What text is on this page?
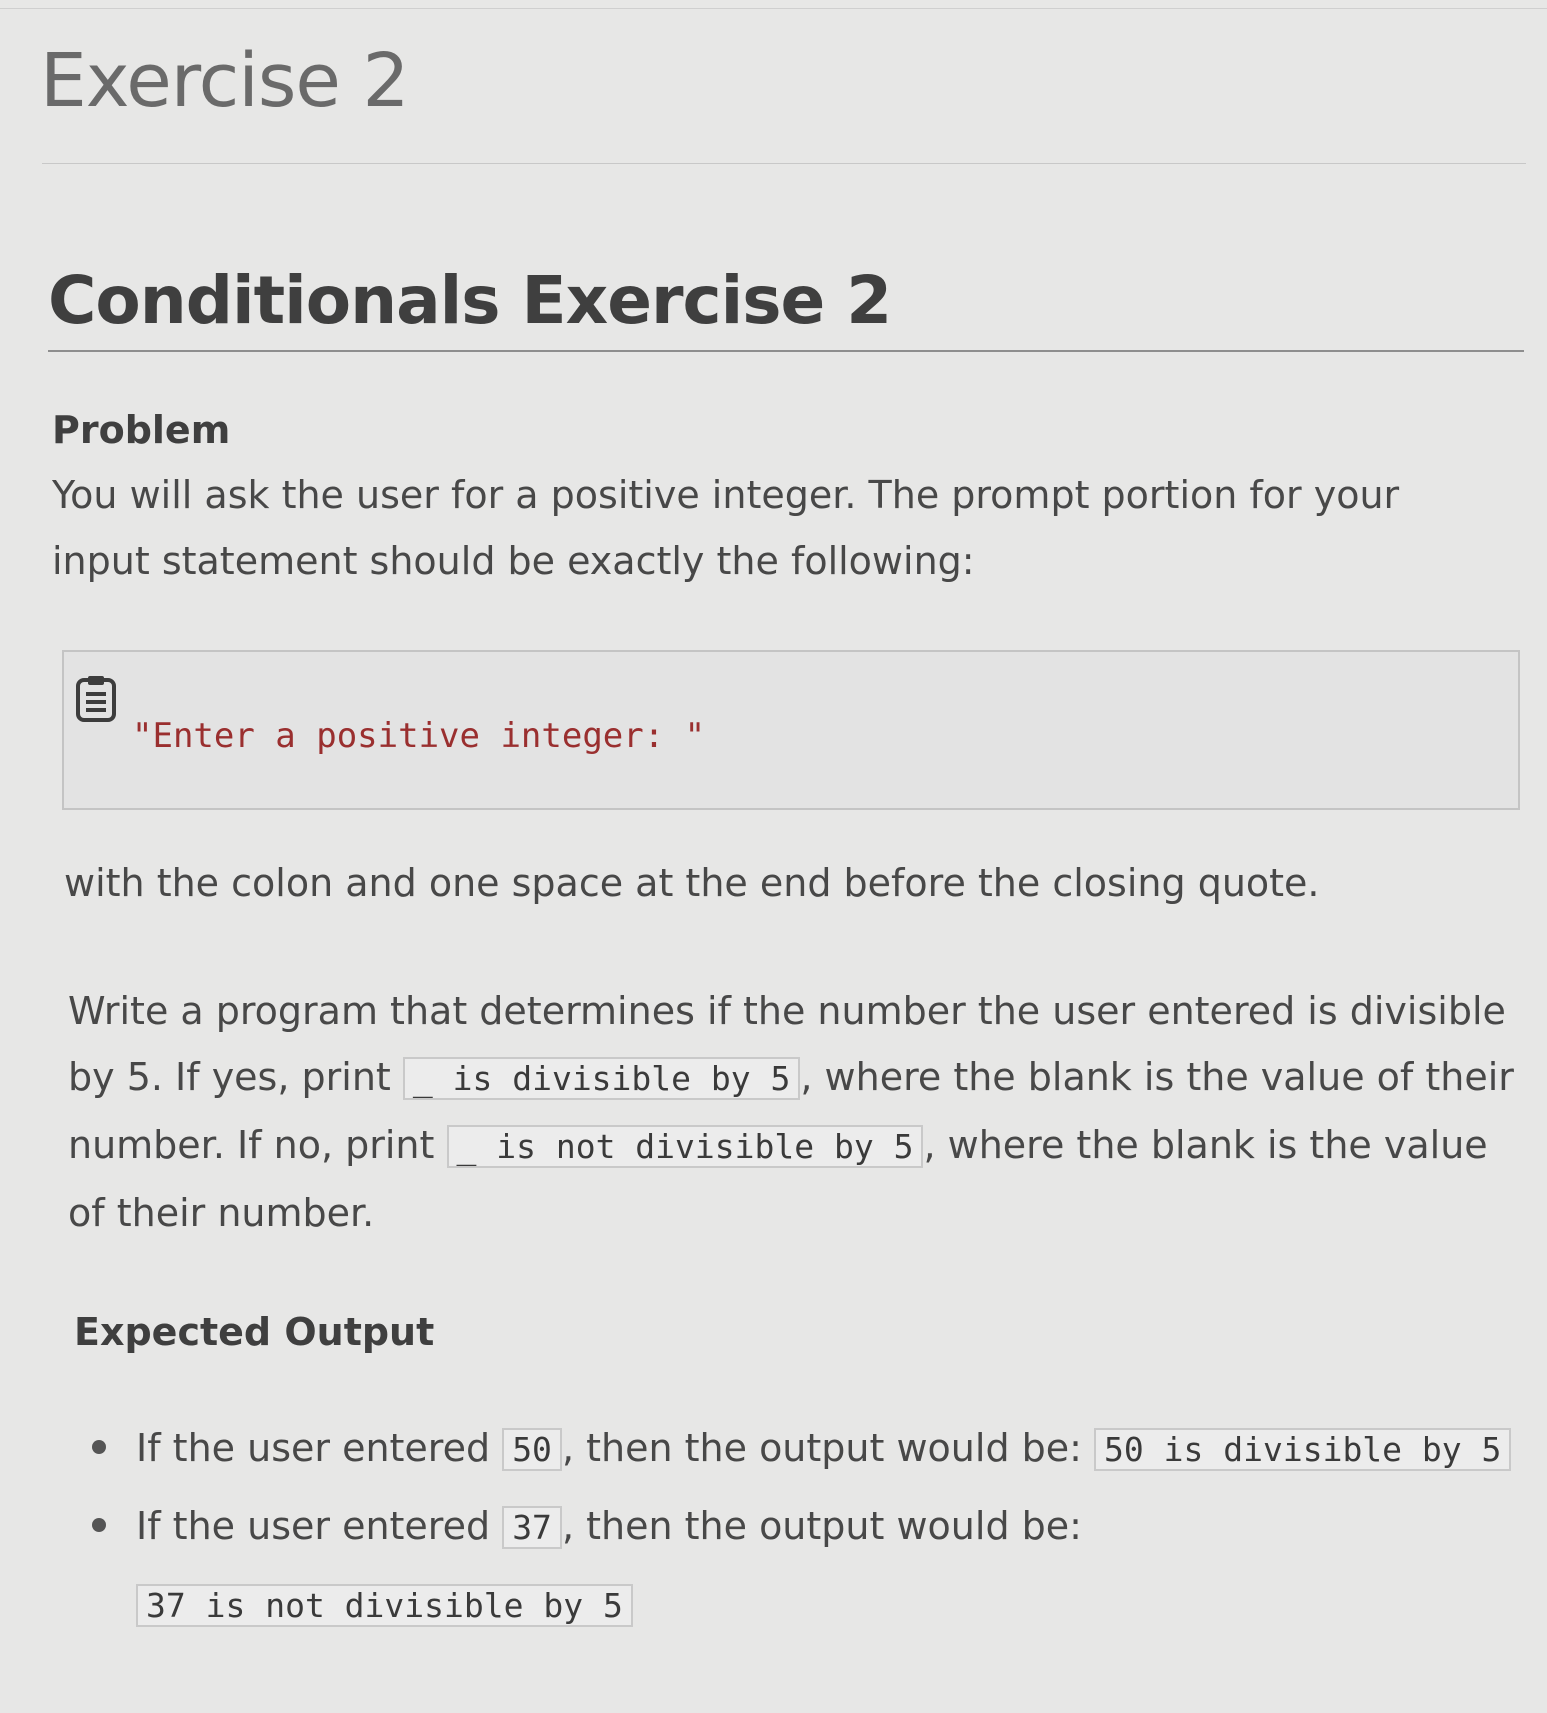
Exercise 2
Conditionals Exercise 2
Problem
You will ask the user for a positive integer. The prompt portion for your input statement should be exactly the following:
"Enter a positive integer: "
with the colon and one space at the end before the closing quote.
Write a program that determines if the number the user entered is divisible by 5. If yes, print _ is divisible by 5 , where the blank is the value of their number. If no, print _ is not divisible by 5 , where the blank is the value of their number.
Expected Output
If the user entered 50 , then the output would be: 50 is divisible by 5
If the user entered 37 , then the output would be: 37 is not divisible by 5
